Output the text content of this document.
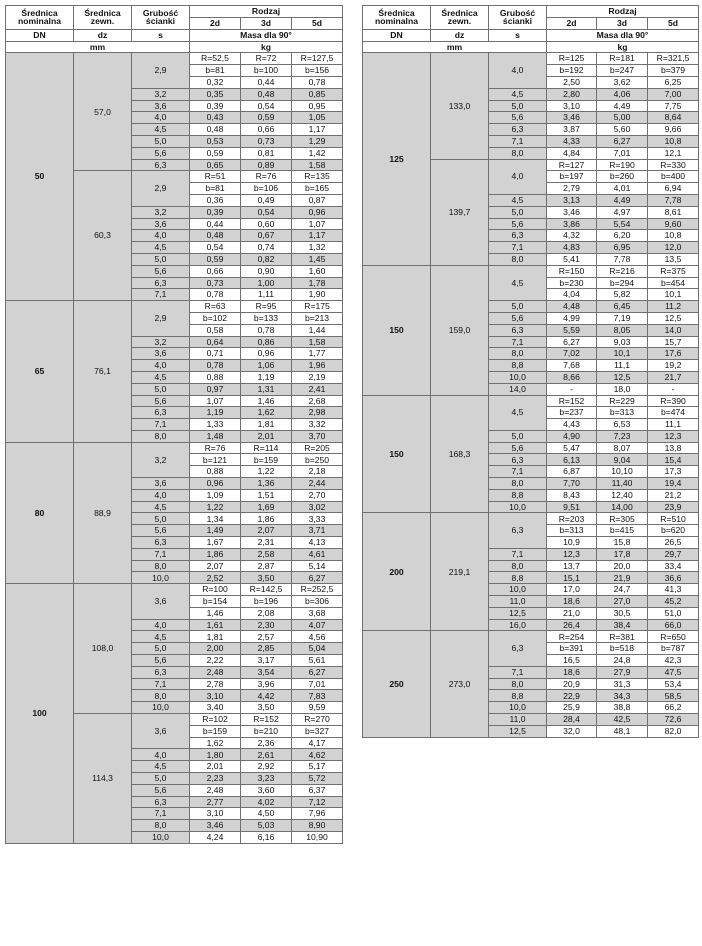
Średnica
nominalna	Średnica
zewn.	Grubość
ścianki	Rodzaj		
			2d	3d	5d
DN	dz	s	Masa dla 90°		
mm			kg		
50	57,0	2,9	R=52,5	R=72	R=127,5
			b=81	b=100	b=156
			0,32	0,44	0,78
		3,2	0,35	0,48	0,85
		3,6	0,39	0,54	0,95
		4,0	0,43	0,59	1,05
		4,5	0,48	0,66	1,17
		5,0	0,53	0,73	1,29
		5,6	0,59	0,81	1,42
		6,3	0,65	0,89	1,58
	60,3	2,9	R=51	R=76	R=135
			b=81	b=106	b=165
			0,36	0,49	0,87
		3,2	0,39	0,54	0,96
		3,6	0,44	0,60	1,07
		4,0	0,48	0,67	1,17
		4,5	0,54	0,74	1,32
		5,0	0,59	0,82	1,45
		5,6	0,66	0,90	1,60
		6,3	0,73	1,00	1,78
		7,1	0,78	1,11	1,90
65	76,1	2,9	R=63	R=95	R=175
			b=102	b=133	b=213
			0,58	0,78	1,44
		3,2	0,64	0,86	1,58
		3,6	0,71	0,96	1,77
		4,0	0,78	1,06	1,96
		4,5	0,88	1,19	2,19
		5,0	0,97	1,31	2,41
		5,6	1,07	1,46	2,68
		6,3	1,19	1,62	2,98
		7,1	1,33	1,81	3,32
		8,0	1,48	2,01	3,70
80	88,9	3,2	R=76	R=114	R=205
			b=121	b=159	b=250
			0,88	1,22	2,18
		3,6	0,96	1,36	2,44
		4,0	1,09	1,51	2,70
		4,5	1,22	1,69	3,02
		5,0	1,34	1,86	3,33
		5,6	1,49	2,07	3,71
		6,3	1,67	2,31	4,13
		7,1	1,86	2,58	4,61
		8,0	2,07	2,87	5,14
		10,0	2,52	3,50	6,27
100	108,0	3,6	R=100	R=142,5	R=252,5
			b=154	b=196	b=306
			1,46	2,08	3,68
		4,0	1,61	2,30	4,07
		4,5	1,81	2,57	4,56
		5,0	2,00	2,85	5,04
		5,6	2,22	3,17	5,61
		6,3	2,48	3,54	6,27
		7,1	2,78	3,96	7,01
		8,0	3,10	4,42	7,83
		10,0	3,40	3,50	9,59
	114,3	3,6	R=102	R=152	R=270
			b=159	b=210	b=327
			1,62	2,36	4,17
		4,0	1,80	2,61	4,62
		4,5	2,01	2,92	5,17
		5,0	2,23	3,23	5,72
		5,6	2,48	3,60	6,37
		6,3	2,77	4,02	7,12
		7,1	3,10	4,50	7,96
		8,0	3,46	5,03	8,90
		10,0	4,24	6,16	10,90
Średnica
nominalna	Średnica
zewn.	Grubość
ścianki	Rodzaj		
			2d	3d	5d
DN	dz	s	Masa dla 90°		
mm			kg		
125	133,0	4,0	R=125	R=181	R=321,5
			b=192	b=247	b=379
			2,50	3,62	6,25
		4,5	2,80	4,06	7,00
		5,0	3,10	4,49	7,75
		5,6	3,46	5,00	8,64
		6,3	3,87	5,60	9,66
		7,1	4,33	6,27	10,8
		8,0	4,84	7,01	12,1
	139,7	4,0	R=127	R=190	R=330
			b=197	b=260	b=400
			2,79	4,01	6,94
		4,5	3,13	4,49	7,78
		5,0	3,46	4,97	8,61
		5,6	3,86	5,54	9,60
		6,3	4,32	6,20	10,8
		7,1	4,83	6,95	12,0
		8,0	5,41	7,78	13,5
150	159,0	4,5	R=150	R=216	R=375
			b=230	b=294	b=454
			4,04	5,82	10,1
		5,0	4,48	6,45	11,2
		5,6	4,99	7,19	12,5
		6,3	5,59	8,05	14,0
		7,1	6,27	9,03	15,7
		8,0	7,02	10,1	17,6
		8,8	7,68	11,1	19,2
		10,0	8,66	12,5	21,7
		14,0	-	18,0	-
150	168,3	4,5	R=152	R=229	R=390
			b=237	b=313	b=474
			4,43	6,53	11,1
		5,0	4,90	7,23	12,3
		5,6	5,47	8,07	13,8
		6,3	6,13	9,04	15,4
		7,1	6,87	10,10	17,3
		8,0	7,70	11,40	19,4
		8,8	8,43	12,40	21,2
		10,0	9,51	14,00	23,9
200	219,1	6,3	R=203	R=305	R=510
			b=313	b=415	b=620
			10,9	15,8	26,5
		7,1	12,3	17,8	29,7
		8,0	13,7	20,0	33,4
		8,8	15,1	21,9	36,6
		10,0	17,0	24,7	41,3
		11,0	18,6	27,0	45,2
		12,5	21,0	30,5	51,0
		16,0	26,4	38,4	66,0
250	273,0	6,3	R=254	R=381	R=650
			b=391	b=518	b=787
			16,5	24,8	42,3
		7,1	18,6	27,9	47,5
		8,0	20,9	31,3	53,4
		8,8	22,9	34,3	58,5
		10,0	25,9	38,8	66,2
		11,0	28,4	42,5	72,6
		12,5	32,0	48,1	82,0
